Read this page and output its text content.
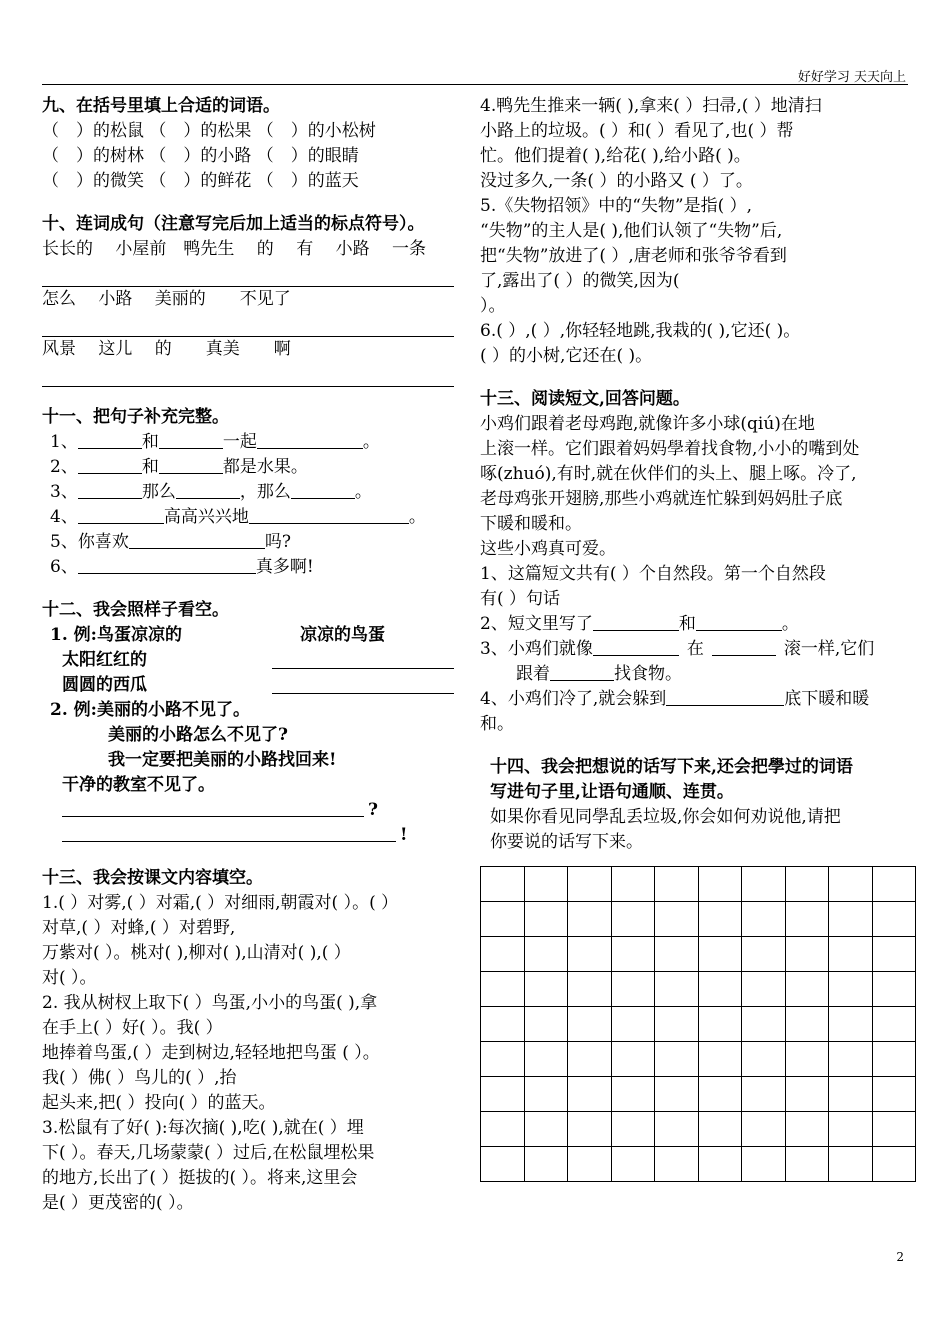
好好学习 天天向上
九、在括号里填上合适的词语。
（　）的松鼠 （　）的松果 （　）的小松树
（　）的树林 （　）的小路 （　）的眼睛
（　）的微笑 （　）的鲜花 （　）的蓝天
十、连词成句（注意写完后加上适当的标点符号）。
长长的　 小屋前　鸭先生　 的　 有　 小路　 一条
怎么　 小路　 美丽的　　不见了
风景　 这儿　 的　　真美　　啊
十一、把句子补充完整。
1、	和	一起	。
2、	和	都是水果。
3、	那么	，那么	。
4、	高高兴兴地	。
5、你喜欢	吗?
6、	真多啊!
十二、我会照样子看空。
1. 例:鸟蛋凉凉的	凉凉的鸟蛋
太阳红红的
圆圆的西瓜
2. 例:美丽的小路不见了。
美丽的小路怎么不见了?
我一定要把美丽的小路找回来!
干净的教室不见了。
?
!
十三、我会按课文内容填空。
1.( ）对雾,( ）对霜,( ）对细雨,朝霞对( ）。( ）
对草,( ）对蜂,( ）对碧野,
万紫对( ）。桃对( ),柳对( ),山清对( ),( ）
对( ）。
2. 我从树杈上取下( ）鸟蛋,小小的鸟蛋( ),拿
在手上( ）好( ）。我( ）
地捧着鸟蛋,( ）走到树边,轻轻地把鸟蛋 ( ）。
我( ）佛( ）鸟儿的( ）,抬
起头来,把( ）投向( ）的蓝天。
3.松鼠有了好( ):每次摘( ),吃( ),就在( ）埋
下( ）。春天,几场蒙蒙( ）过后,在松鼠埋松果
的地方,长出了( ）挺拔的( ）。将来,这里会
是( ）更茂密的( ）。
4.鸭先生推来一辆( ),拿来( ）扫帚,( ）地清扫
小路上的垃圾。( ）和( ）看见了,也( ）帮
忙。他们提着( ),给花( ),给小路( )。
没过多久,一条( ）的小路又 ( ）了。
5.《失物招领》中的“失物”是指( ）,
“失物”的主人是( ),他们认领了“失物”后,
把“失物”放进了( ）,唐老师和张爷爷看到
了,露出了( ）的微笑,因为(
）。
6.( ）,( ）,你轻轻地跳,我栽的( ),它还( )。
( ）的小树,它还在( )。
十三、阅读短文,回答问题。
小鸡们跟着老母鸡跑,就像许多小球(qiú)在地
上滚一样。它们跟着妈妈學着找食物,小小的嘴到处
啄(zhuó),有时,就在伙伴们的头上、腿上啄。冷了,
老母鸡张开翅膀,那些小鸡就连忙躲到妈妈肚子底
下暖和暖和。
这些小鸡真可爱。
1、这篇短文共有( ）个自然段。第一个自然段
有( ）句话
2、短文里写了	和	。
3、小鸡们就像	在	滚一样,它们
跟着	找食物。
4、小鸡们冷了,就会躲到	底下暖和暖
和。
十四、我会把想说的话写下来,还会把學过的词语
写进句子里,让语句通顺、连贯。
如果你看见同學乱丢垃圾,你会如何劝说他,请把
你要说的话写下来。

2
